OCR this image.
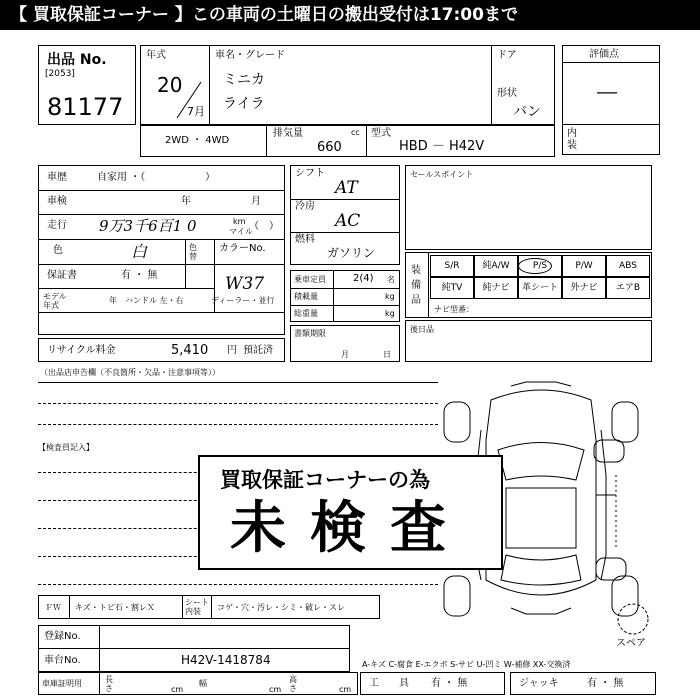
【 買取保証コーナー 】この車両の土曜日の搬出受付は17:00まで
出品 No.
[2053]
81177
年式
20
7月
車名・グレード
ミニカ
ライラ
ドア
形状
バン
評価点
―
内装
2WD ・ 4WD
排気量	cc
660
型式
HBD － H42V
車歴	自家用 ・（　　　　　　）
車検	年	月
走行 9万3千6百1 0	km
マイル
（　）
色	白	色替
カラーNo.
W37
保証書	有 ・ 無
モデル年式
年 ハンドル 左・右	ディーラー・並行
リサイクル料金	5,410 円 預託済
シフト
AT
冷房
AC
燃料
ガソリン
乗車定員	2(4) 名
積載量	kg
総重量	kg
書類期限
月	日
セールスポイント
装備品
S/R	純A/W	P/S	P/W	ABS
純TV	純ナビ	革シート	外ナビ	エアB
ナビ型番：
後日品
（出品店申告欄（不良箇所・欠品・注意事項等））
【検査員記入】
買取保証コーナーの為
未検査
スペア
ＦＷ キズ・トビ石・割レＸ
シート内装	コゲ・穴・汚レ・シミ・破レ・スレ
登録No.
車台No.	H42V-1418784
車庫証明用	長さ	cm
幅
cm
高さ	cm
A-キズ C-腐食 E-エクボ S-サビ U-凹ミ W-補修 XX-交換済
工　　具 有 ・ 無	ジャッキ	有 ・ 無
